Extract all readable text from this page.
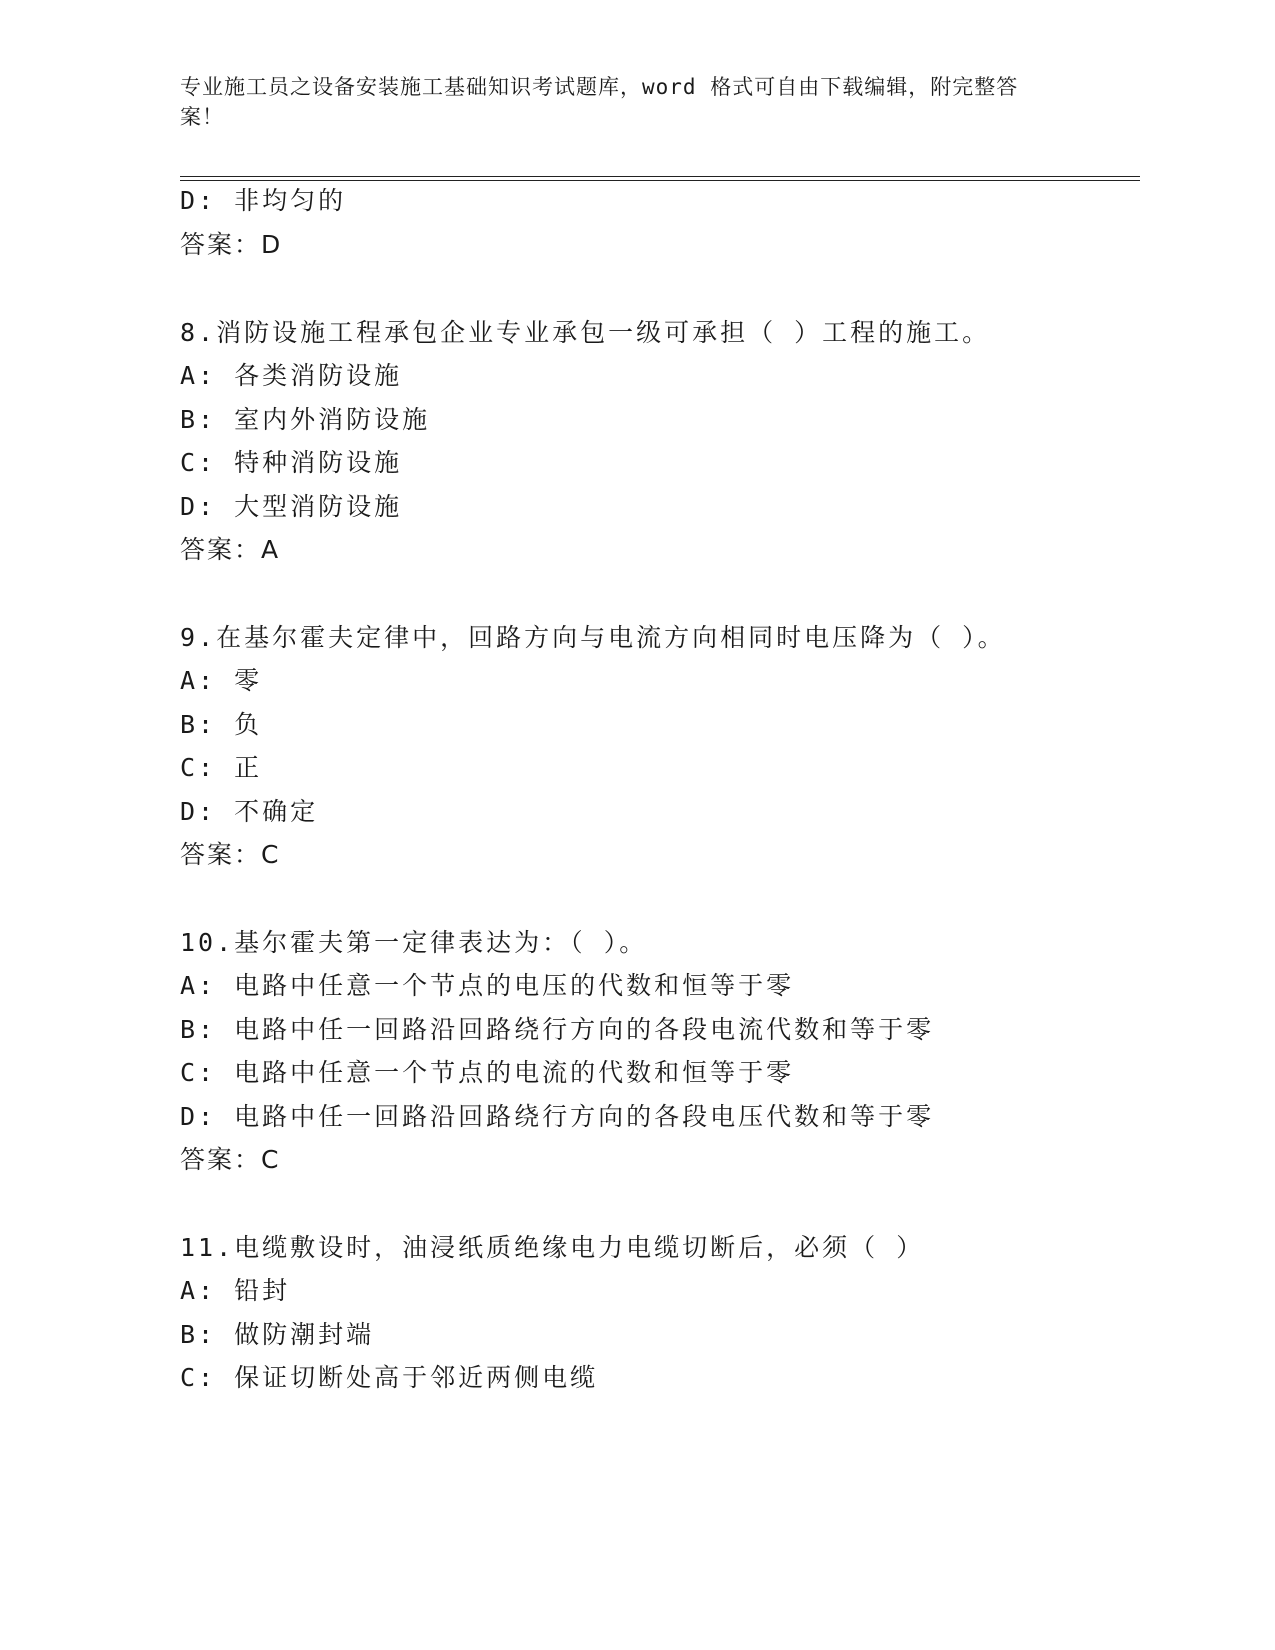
专业施工员之设备安装施工基础知识考试题库，word 格式可自由下载编辑，附完整答案！
D: 非均匀的
答案：D
8.消防设施工程承包企业专业承包一级可承担（ ）工程的施工。
A: 各类消防设施
B: 室内外消防设施
C: 特种消防设施
D: 大型消防设施
答案：A
9.在基尔霍夫定律中，回路方向与电流方向相同时电压降为（ ）。
A: 零
B: 负
C: 正
D: 不确定
答案：C
10.基尔霍夫第一定律表达为：（ ）。
A: 电路中任意一个节点的电压的代数和恒等于零
B: 电路中任一回路沿回路绕行方向的各段电流代数和等于零
C: 电路中任意一个节点的电流的代数和恒等于零
D: 电路中任一回路沿回路绕行方向的各段电压代数和等于零
答案：C
11.电缆敷设时，油浸纸质绝缘电力电缆切断后，必须（ ）
A: 铅封
B: 做防潮封端
C: 保证切断处高于邻近两侧电缆
